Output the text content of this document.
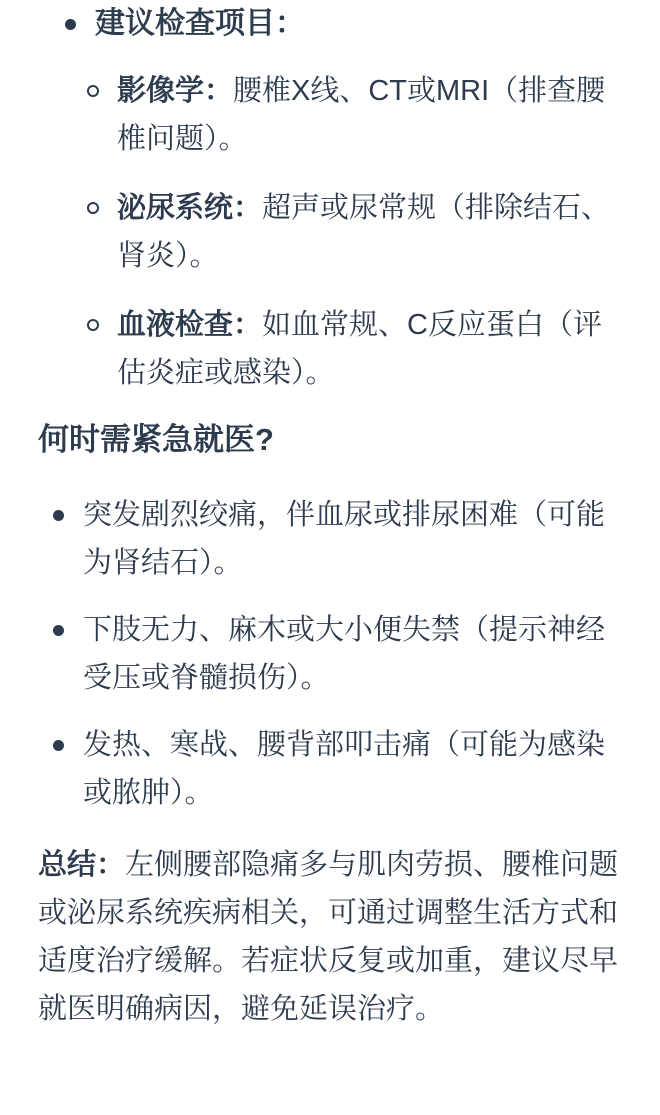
建议检查项目：
影像学：腰椎X线、CT或MRI（排查腰椎问题）。
泌尿系统：超声或尿常规（排除结石、肾炎）。
血液检查：如血常规、C反应蛋白（评估炎症或感染）。
何时需紧急就医?
突发剧烈绞痛，伴血尿或排尿困难（可能为肾结石）。
下肢无力、麻木或大小便失禁（提示神经受压或脊髓损伤）。
发热、寒战、腰背部叩击痛（可能为感染或脓肿）。
总结：左侧腰部隐痛多与肌肉劳损、腰椎问题或泌尿系统疾病相关，可通过调整生活方式和适度治疗缓解。若症状反复或加重，建议尽早就医明确病因，避免延误治疗。
